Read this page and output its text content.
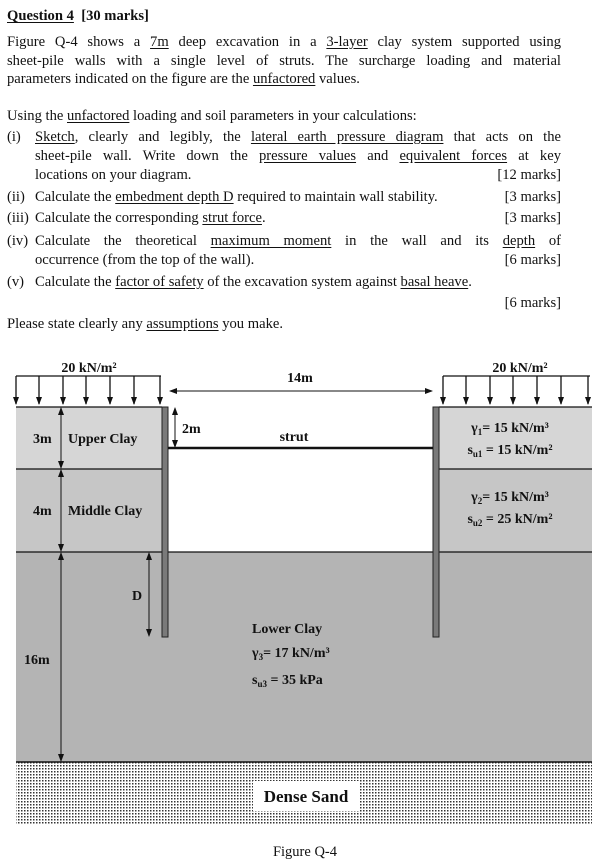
Question 4 [30 marks]
Figure Q-4 shows a 7m deep excavation in a 3-layer clay system supported using
sheet-pile walls with a single level of struts. The surcharge loading and material
parameters indicated on the figure are the unfactored values.
Using the unfactored loading and soil parameters in your calculations:
(i) Sketch, clearly and legibly, the lateral earth pressure diagram that acts on the
sheet-pile wall. Write down the pressure values and equivalent forces at key
locations on your diagram.	[12 marks]
(ii) Calculate the embedment depth D required to maintain wall stability.	[3 marks]
(iii) Calculate the corresponding strut force.	[3 marks]
(iv) Calculate the theoretical maximum moment in the wall and its depth of
occurrence (from the top of the wall).	[6 marks]
(v) Calculate the factor of safety of the excavation system against basal heave.
[6 marks]
Please state clearly any assumptions you make.
20 kN/m²	20 kN/m²
14m
2m
strut
3m Upper Clay
4m Middle Clay
D
16m
Lower Clay
$\gamma_1= 15$ kN/m³
$s_{u1} = 15$ kN/m²
$\gamma_2= 15$ kN/m³
$s_{u2} = 25$ kN/m²
$\gamma_3= 17$ kN/m³
$s_{u3} = 35$ kPa
Dense Sand
Figure Q-4
